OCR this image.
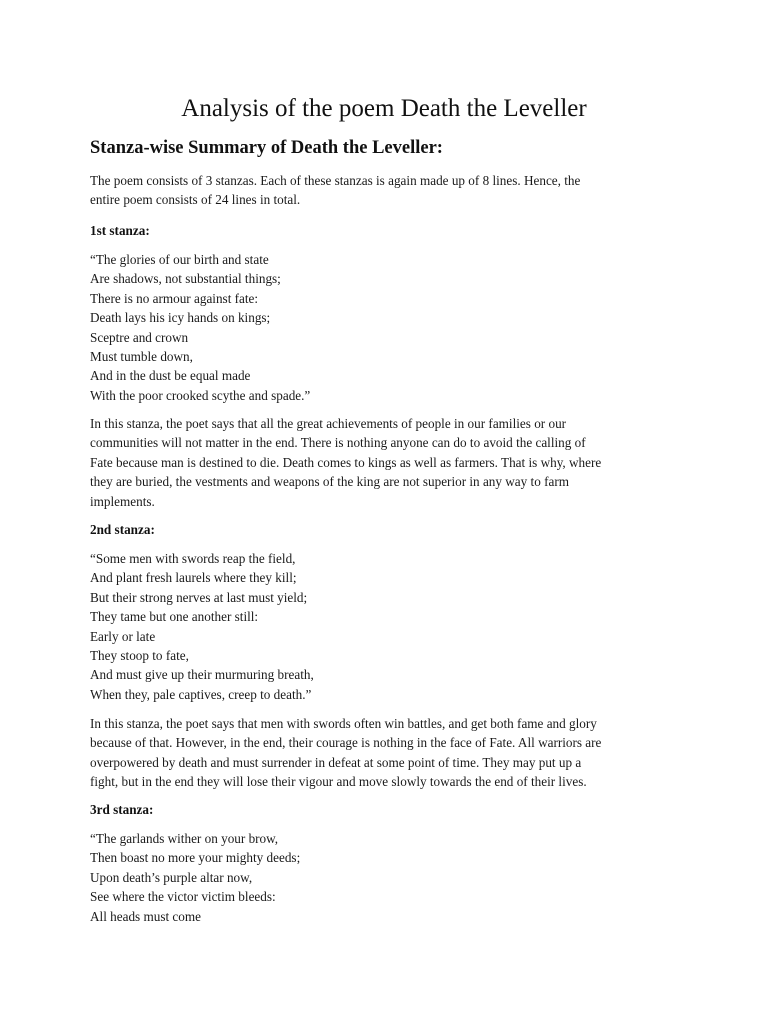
Analysis of the poem Death the Leveller
Stanza-wise Summary of Death the Leveller:
The poem consists of 3 stanzas. Each of these stanzas is again made up of 8 lines. Hence, the
entire poem consists of 24 lines in total.
1st stanza:
“The glories of our birth and state
Are shadows, not substantial things;
There is no armour against fate:
Death lays his icy hands on kings;
Sceptre and crown
Must tumble down,
And in the dust be equal made
With the poor crooked scythe and spade.”
In this stanza, the poet says that all the great achievements of people in our families or our
communities will not matter in the end. There is nothing anyone can do to avoid the calling of
Fate because man is destined to die. Death comes to kings as well as farmers. That is why, where
they are buried, the vestments and weapons of the king are not superior in any way to farm
implements.
2nd stanza:
“Some men with swords reap the field,
And plant fresh laurels where they kill;
But their strong nerves at last must yield;
They tame but one another still:
Early or late
They stoop to fate,
And must give up their murmuring breath,
When they, pale captives, creep to death.”
In this stanza, the poet says that men with swords often win battles, and get both fame and glory
because of that. However, in the end, their courage is nothing in the face of Fate. All warriors are
overpowered by death and must surrender in defeat at some point of time. They may put up a
fight, but in the end they will lose their vigour and move slowly towards the end of their lives.
3rd stanza:
“The garlands wither on your brow,
Then boast no more your mighty deeds;
Upon death’s purple altar now,
See where the victor victim bleeds:
All heads must come
